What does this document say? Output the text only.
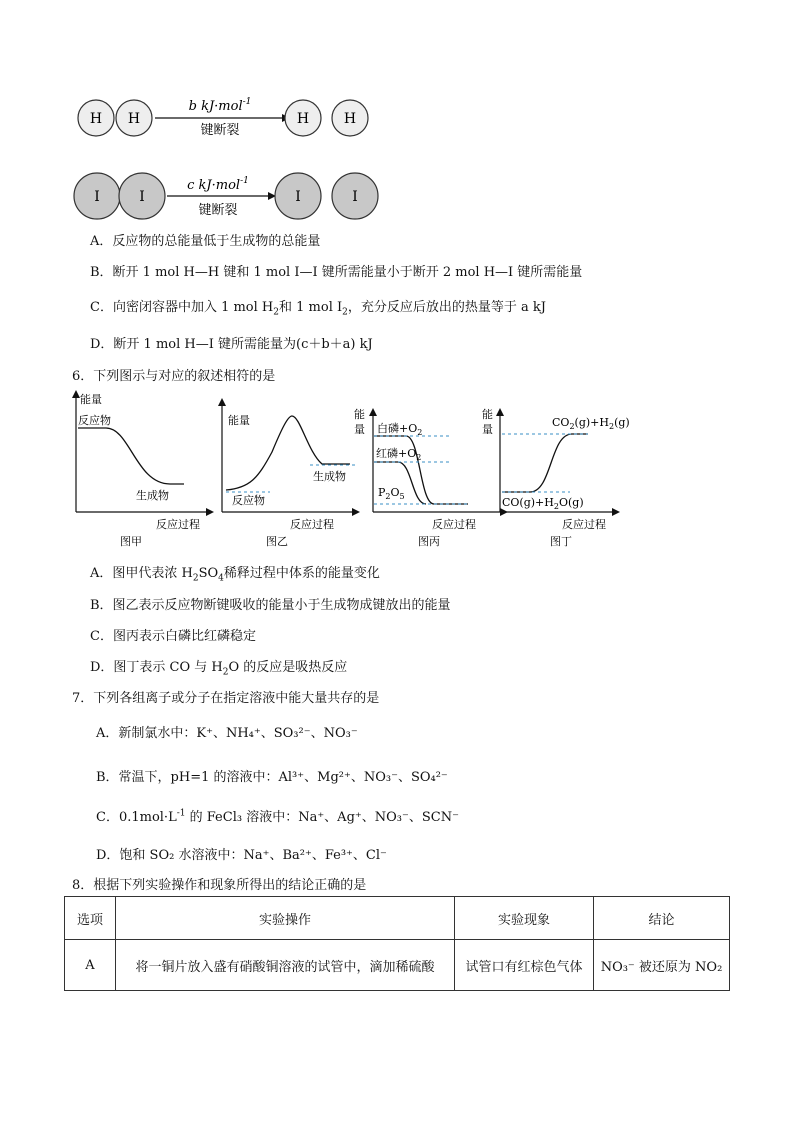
H H
b kJ·mol$^{-1}$
键断裂
H H
I	I
c kJ·mol$^{-1}$
键断裂
I	I
A．反应物的总能量低于生成物的总能量
B．断开 1 mol H—H 键和 1 mol I—I 键所需能量小于断开 2 mol H—I 键所需能量
C．向密闭容器中加入 1 mol $H_2$和 1 mol $I_2$，充分反应后放出的热量等于 a kJ
D．断开 1 mol H—I 键所需能量为(c＋b＋a) kJ
6．下列图示与对应的叙述相符的是
能量
反应物
生成物
反应过程
图甲
能量
反应物
生成物
反应过程
图乙
能
量 白磷$+O_2$
红磷$+O_2$
$P_2O_5$
反应过程
图丙
能
量
$CO_2(g)+H_2(g)$
$CO(g)+H_2O(g)$
反应过程
图丁
A．图甲代表浓 $H_2SO_4$稀释过程中体系的能量变化
B．图乙表示反应物断键吸收的能量小于生成物成键放出的能量
C．图丙表示白磷比红磷稳定
D．图丁表示 CO 与 $H_2O$ 的反应是吸热反应
7．下列各组离子或分子在指定溶液中能大量共存的是
A．新制氯水中：K⁺、NH₄⁺、SO₃²⁻、NO₃⁻
B．常温下，pH=1 的溶液中：Al³⁺、Mg²⁺、NO₃⁻、SO₄²⁻
C．$0.1mol\cdot L^{-1}$ 的 FeCl₃ 溶液中：Na⁺、Ag⁺、NO₃⁻、SCN⁻
D．饱和 SO₂ 水溶液中：Na⁺、Ba²⁺、Fe³⁺、Cl⁻
8．根据下列实验操作和现象所得出的结论正确的是
选项	实验操作	实验现象	结论
A	将一铜片放入盛有硝酸铜溶液的试管中，滴加稀硫酸	试管口有红棕色气体	NO₃⁻ 被还原为 NO₂
